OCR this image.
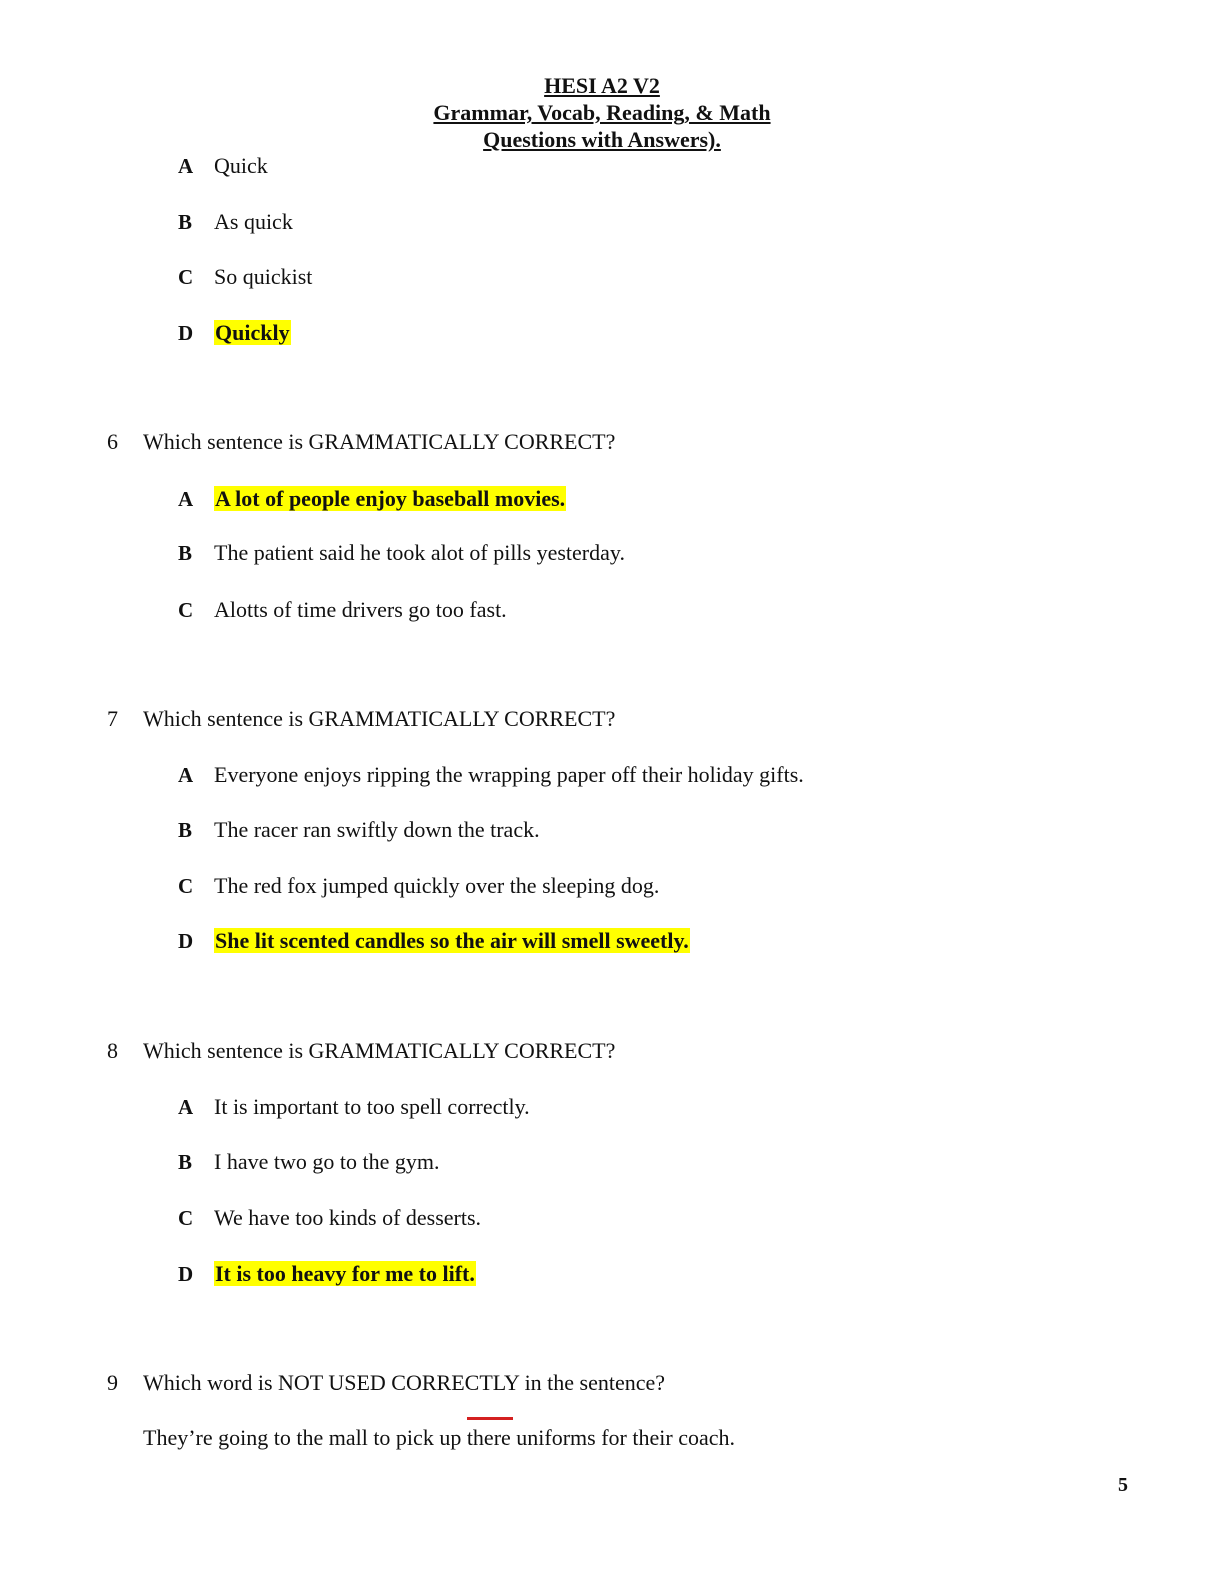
HESI A2 V2
Grammar, Vocab, Reading, & Math
Questions with Answers).
A Quick
B As quick
C So quickist
D Quickly
6 Which sentence is GRAMMATICALLY CORRECT?
A A lot of people enjoy baseball movies.
B The patient said he took alot of pills yesterday.
C Alotts of time drivers go too fast.
7 Which sentence is GRAMMATICALLY CORRECT?
A Everyone enjoys ripping the wrapping paper off their holiday gifts.
B The racer ran swiftly down the track.
C The red fox jumped quickly over the sleeping dog.
D She lit scented candles so the air will smell sweetly.
8 Which sentence is GRAMMATICALLY CORRECT?
A It is important to too spell correctly.
B I have two go to the gym.
C We have too kinds of desserts.
D It is too heavy for me to lift.
9 Which word is NOT USED CORRECTLY in the sentence?
They’re going to the mall to pick up there uniforms for their coach.
5
